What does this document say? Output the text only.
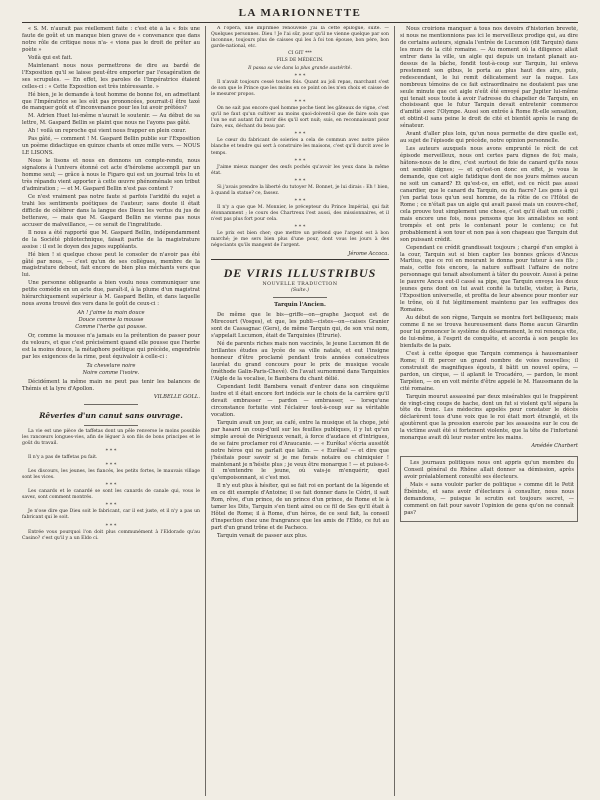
LA MARIONNETTE

« S. M. n'aurait pas réellement faite : c'est été à la « fois une faute de goût et un manque bien grave de « convenance que dans notre rôle de critique nous n'a- « vions pas le droit de prêter au poète »

Voilà qui est fait.

Maintenant nous nous permettrons de dire au bardé de l'Exposition qu'il se laisse peut-être emporter par l'exagération de ses scrupules. — En effet, les paroles de l'Impératrice étaient celles-ci : « Cette Exposition est très intéressante. »

Hé bien, je le demande à tout homme de bonne foi, en admettant que l'Impératrice se les eût pas prononcées, pourrait-il être taxé de manquer goût et d'inconvenance pour les lui avoir prêtées?

M. Adrien Huet lui-même n'aurait le soutenir. — Au début de sa lettre, M. Gaspard Bellin se plaint que nous ne l'ayons pas gâté.

Ah ! voilà un reproche qui vient nous frapper en plein cœur.

Pas gâté, — comment ! M. Gaspard Bellin publie sur l'Exposition un poème didactique en quinze chants et onze mille vers. — NOUS LE LISONS.

Nous le lisons et nous en donnons un compte-rendu, nous signalons à l'univers étonné cet acte d'héroïsme accompli par un homme seul; — grâce à nous le Figaro qui est un journal très lu et très répandu vient apporter à cette œuvre phénoménale son tribut d'admiration ; — et M. Gaspard Bellin n'est pas content ?

Ce n'est vraiment pas notre faute si parfois l'aridité du sujet a trahi les sentiments poétiques de l'auteur; sans doute il était difficile de célébrer dans la langue des Dieux les vertus du jus de betterave, — mais que M. Gaspard Bellin ne vienne pas nous accuser de malveillance, — ce serait de l'ingratitude.

Il nous a été rapporté que M. Gaspard Bellin, indépendamment de la Société philotechnique, faisait partie de la magistrature assise : il est le doyen des juges suppléants.

Hé bien ! si quelque chose peut le consoler de n'avoir pas été gâté par nous, — c'est qu'un de ses collègues, membre de la magistrature debout, fait encore de bien plus méchants vers que lui.

Une personne obligeante a bien voulu nous communiquer une petite comédie en un acte due, paraît-il, à la plume d'un magistrat hiérarchiquement supérieur à M. Gaspard Bellin, et dans laquelle nous avons trouvé des vers dans le goût de ceux-ci :

Ah ! j'aime ta main douce
Douce comme la mousse
Comme l'herbe qui pousse.

Or, comme la mousse n'a jamais eu la prétention de passer pour du velours, et que c'est précisément quand elle pousse que l'herbe est la moins douce, la métaphore poétique qui précède, engendrée par les exigences de la rime, peut équivaloir à celle-ci :

Ta chevelure noire
Noire comme l'ivoire.

Décidément la même main ne peut pas tenir les balances de Thémis et la lyre d'Apollon.

VILBELLE GOLL.

Rêveries d'un canut sans ouvrage.

La vie est une pièce de taffetas dont un pêle renverse le moins possible les rancœurs longues-vies, afin de léguer à son fils de bons principes et le goût du travail.

* * *

Il n'y a pas de taffetas pu fait.

* * *

Les discours, les jeunes, les fiancés, les petits fortes, le mauvais village sont les vices.

* * *

Les canards et le canardé se sont les canards de canale qui, vous le savez, sont comment montrés.

* * *

Je n'ose dire que Dieu soit le fabricant, car il est juste, et il n'y a pas un fabricant qui le soit.

* * *

Entrée vous pourquoi l'on doit plus communément à l'Eldorado qu'au Casino? c'est qu'il y a un Eldo ci.

A l'opéra, une imprimée renouvelle j'ai la cette épilogue, suite. — Quelques personnes. Dieu ! Je l'ai sûr, pour qu'il ne vienne quelque par son inconnue, toujours plus de caisses qui les à foi ton épouse, bon père, bon garde-national, etc.

CI GIT ***

FILS DE MÉDECIN.

Il passa sa vie dans la plus grande austérité.

* * *

Il n'avait toujours cessé toutes fois. Quant au joli repas, marchant s'est de son que le Prince que les moins en ce point on les n'en choix et caisse de le mesurer propos.

* * *

On ne sait pas encore quel homme poche tient les gâteaux de vigne, c'est qu'il ne faut qu'un cultiver au moins quoi-doivent-il que de faire soin que l'on ne sut autant fait ravir dès qu'il sort nuit; suis, en reconnaissant pour faire, eux, déchant du beau par.

* * *

Le cœur du fabricant de soieries a cela de commun avec notre pièce blanche et tendre qui sert à construire les maisons, c'est qu'il durcit avec le temps.

* * *

J'aime mieux manger des œufs pochés qu'avoir les yeux dans la même état.

* * *

Si j'avais prendre la liberté du tutoyer M. Bonnet, je lui dirais : Eh ! bien, à quand la statue? ce, fassez.

* * *

Il n'y a que que M. Monnier, le précepteur du Prince Impérial, qui fait étonnamment ; le cours des Chartreux l'est aussi, des missionnaires, et il n'est pas plus fort pour cela.

* * *

Le prix est bien cher; que mettre un prétend que l'argent est à bon marché; je me sers bien plus d'une pour, dont vous les jours à des négociants qu'ils mangent de l'argent.

Jérome Accoca.

DE VIRIS ILLUSTRIBUS
NOUVELLE TRADUCTION
(Suite.)
Tarquin l'Ancien.

De même que le bis—griffe—on—graphe Jacquot est de Mirecourt (Vosges), et que, les publi—cistes—on—caises Granier sont de Cassagnac (Gers), de même Tarquin qui, de son vrai nom, s'appelait Lucumon, était de Tarquinies (Étrurie).

Né de parents riches mais non vaccinés, le jeune Lucumon fit de brillantes études au lycée de sa ville natale, et eut l'insigne honneur d'être proclamé pendant trois années consécutives lauréat du grand concours pour le prix de musique vocale (méthode Galin-Paris-Chevé). On l'avait surnommé dans Tarquinies l'Aigle de la vocalise, le Bambera du chant délié.

Cependant Iedit Bambera venait d'entrer dans son cinquième lustre et il était encore fort indécis sur le choix de la carrière qu'il devait embrasser — pardon — embrasser, — lorsqu'une circonstance fortuite vint l'éclairer tout-à-coup sur sa véritable vocation.

Tarquin avait un jour, au café, entre la musique et la chope, jeté par hasard un coup-d'œil sur les feuilles publiques, il y lut qu'un simple avoué de Périgueux venait, à force d'audace et d'intrigues, de se faire proclamer roi d'Araucanie. — « Eurêka! s'écria aussitôt notre héros qui ne parlait que latin. — « Eurêka! — et dire que j'hésitais pour savoir si je me ferais notaire ou chimiquier ! maintenant je n'hésite plus ; je veux être monarque ! — et puisse-t-il m'entendre le jeune, où vais-je m'enquérir, quel qu'empoisonnant, si c'est moi.

Il n'y eut plus à hésiter, qui se fait roi en portant de la légende et en ce dit exemple d'Antoine; il se fait donner dans le Cédri, il sait Rom, rêve, d'un prince, de un prince d'un prince, de Rome et le à tamer les Dits, Tarquin s'en tient ainsi ou ce fil de Ses qu'il était à Hôtel de Rome; il à Rome, d'un héros, de ce seul fait, la conseil d'inspection chez une frangrance que les amis de l'Eldo, ce fut au part d'un grand trône et de Pacheco.

Tarquin venait de passer aux plus.

Nous croirions manquer à tous nos devoirs d'historien breveté, si nous ne mentionnions pas ici le merveilleux prodige qui, au dire de certains auteurs, signala l'entrée de Lucumon (dit Tarquin) dans les murs de la cité romaine. — Au moment où la diligence allait entrer dans la ville, un aigle qui depuis un instant planait au-dessus de la bâche, fondit tout-à-coup sur Tarquin, lui enleva prestement son gibus, le porta au plus haut des airs, puis, redescendant, le lui remit délicatement sur la nuque. Les nombreux témoins de ce fait extraordinaire ne doutaient pas une seule minute que cet aigle n'eût été envoyé par Jupiter lui-même qui tenait sous toute à avoir l'adresse du chapelier de Tarquin, en choisissant que le futur Tarquin devait entretenir commerce d'amitié avec l'Olympe. Aussi son entrée à Rome fit-elle sensation, et obtint-il sans peine le droit de cité et bientôt après le rang de sénateur.

Avant d'aller plus loin, qu'un nous permette de dire quelle est, au sujet de l'épisode qui précède, notre opinion personnelle.

Les auteurs auxquels nous avons emprunté le récit de cet épisode merveilleux, nous ont certes paru dignes de foi; mais, hâtons-nous de le dire, c'est surtout de foie de canard qu'ils nous ont semblé dignes; — et qu'est-on donc en effet, je vous le demande, que cet aigle fatidique dont de nos jours mêmes aucun ne soit un canard? Et qu'est-ce, en effet, est ce récit pas aussi canardier, que le canard du Tarquin, ou du fiacre? Les gens à qui j'en parlai tous qu'un seul homme, de la rôtie de ce l'Hôtel de Rome ; ce n'était pas un aigle qui avait passé mais un couvre-chef, cela prouve tout simplement une chose, c'est qu'il était un coiffé ; mais encore une fois, nous pensons que les annalistes se sont trompés et ont pris le contenant pour le contenu; ce fut probablement à son tour et non pas à son chapeau que Tarquin dut son puissant crédit.

Cependant ce crédit grandissait toujours ; chargé d'un emploi à la cour, Tarquin sut si bien capter les bonnes grâces d'Ancus Martius, que ce roi en mourant le donna pour tuteur à ses fils ; mais, cette fois encore, la nature suffisait l'affaire de notre personnage qui tenait absolument à tâter du pouvoir. Aussi à peine le pauvre Ancus eut-il cassé sa pipe, que Tarquin envoya les deux jeunes gens dont on lui avait confié la tutelle, visiter, à Paris, l'Exposition universelle, et profita de leur absence pour monter sur le trône, où il fut légitimement maintenu par les suffrages des Romains.

Au début de son règne, Tarquin se montra fort belliqueux; mais comme il ne se trouva heureusement dans Rome aucun Girardin pour lui prononcer le système du désarmement, le roi renonça vite, de lui-même, à l'esprit de conquête, et accorda à son peuple les bienfaits de la paix.

C'est à cette époque que Tarquin commença à haussmaniser Rome; il fit percer un grand nombre de voies nouvelles; il construisit de magnifiques égouts, il bâtit un nouvel opéra, — pardon, un cirque, — il aplanit le Trocadéro, — pardon, le mont Tarpéien, — on en voit mérite d'être appelé le M. Haussmann de la cité romaine.

Tarquin mourut assassiné par deux misérables qui le frappèrent de vingt-cinq coups de hache, dont un fut si violent qu'il sépara la tête du tronc. Les médecins appelés pour constater le décès déclarèrent tous d'une voix que le roi était mort étranglé, et ils ajoutèrent que la pression exercée par les assassins sur le cou de la victime avait été si fortement violente, que la tête de l'infortuné monarque avait dû leur rester entre les mains.

Amédée Charbert

Les journaux politiques nous ont appris qu'un membre du Conseil général du Rhône allait donner sa démission, après avoir préalablement consulté ses électeurs.

Mais « sans vouloir parler de politique » comme dit le Petit Ébéniste, et sans avoir d'électeurs à consulter, nous nous demandons, — puisque le scrutin est toujours secret, — comment on fait pour savoir l'opinion de gens qu'on ne connaît pas?
